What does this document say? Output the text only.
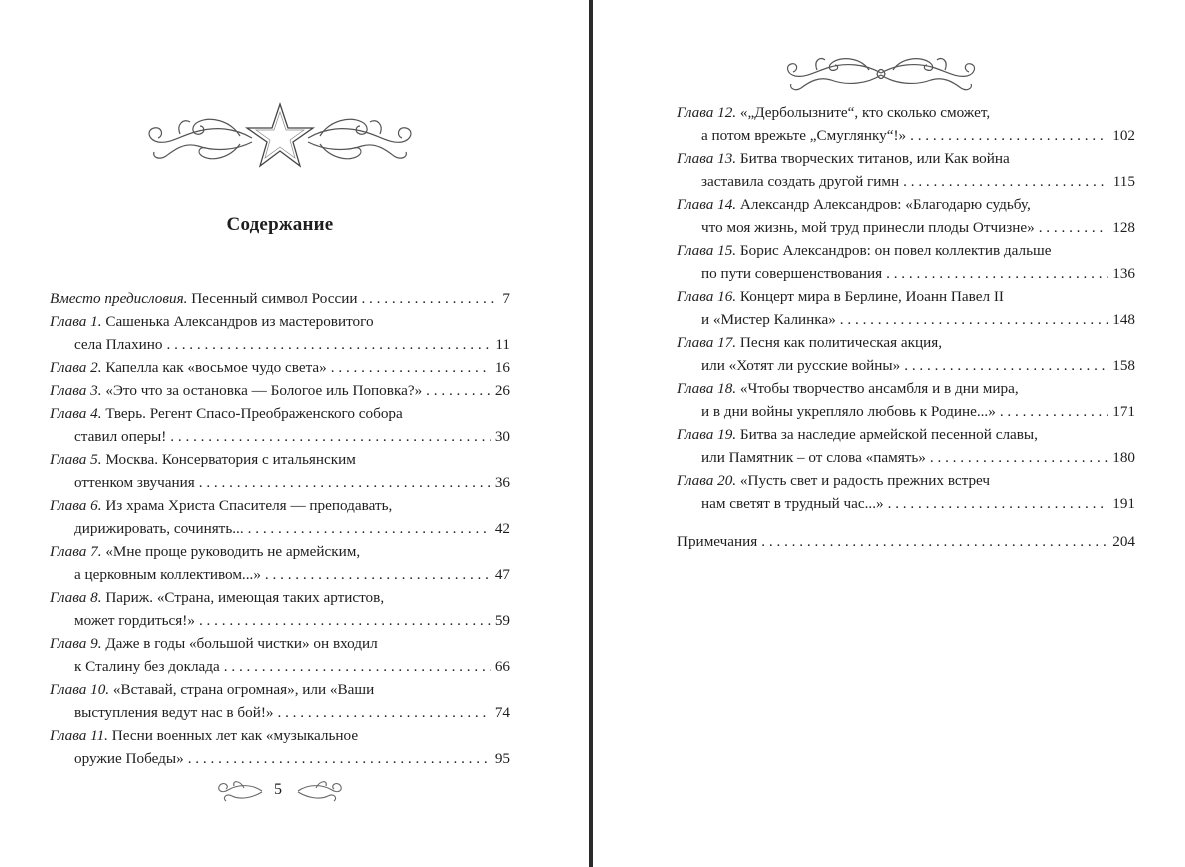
Содержание
Вместо предисловия.
Песенный символ России . .	7
Глава 1. Сашенька Александров из мастеровитого
села Плахино . .	11
Глава 2.
Капелла как «восьмое чудо света» . .	16
Глава 3.
«Это что за остановка — Бологое иль Поповка?» . .	26
Глава 4. Тверь. Регент Спасо-Преображенского собора
ставил оперы! . .	30
Глава 5. Москва. Консерватория с итальянским
оттенком звучания . .	36
Глава 6. Из храма Христа Спасителя — преподавать,
дирижировать, сочинять... . .	42
Глава 7. «Мне проще руководить не армейским,
а церковным коллективом...» . .	47
Глава 8. Париж. «Страна, имеющая таких артистов,
может гордиться!» . .	59
Глава 9. Даже в годы «большой чистки» он входил
к Сталину без доклада . .	66
Глава 10. «Вставай, страна огромная», или «Ваши
выступления ведут нас в бой!» . .	74
Глава 11. Песни военных лет как «музыкальное
оружие Победы» . .	95
5
Глава 12. «„Дерболызните“, кто сколько сможет,
а потом врежьте „Смуглянку“!» . .	102
Глава 13. Битва творческих титанов, или Как война
заставила создать другой гимн . .	115
Глава 14. Александр Александров: «Благодарю судьбу,
что моя жизнь, мой труд принесли плоды Отчизне» . .	128
Глава 15. Борис Александров: он повел коллектив дальше
по пути совершенствования . .	136
Глава 16. Концерт мира в Берлине, Иоанн Павел II
и «Мистер Калинка» . .	148
Глава 17. Песня как политическая акция,
или «Хотят ли русские войны» . .	158
Глава 18. «Чтобы творчество ансамбля и в дни мира,
и в дни войны укрепляло любовь к Родине...» . .	171
Глава 19. Битва за наследие армейской песенной славы,
или Памятник – от слова «память» . .	180
Глава 20. «Пусть свет и радость прежних встреч
нам светят в трудный час...» . .	191
Примечания . .	204
